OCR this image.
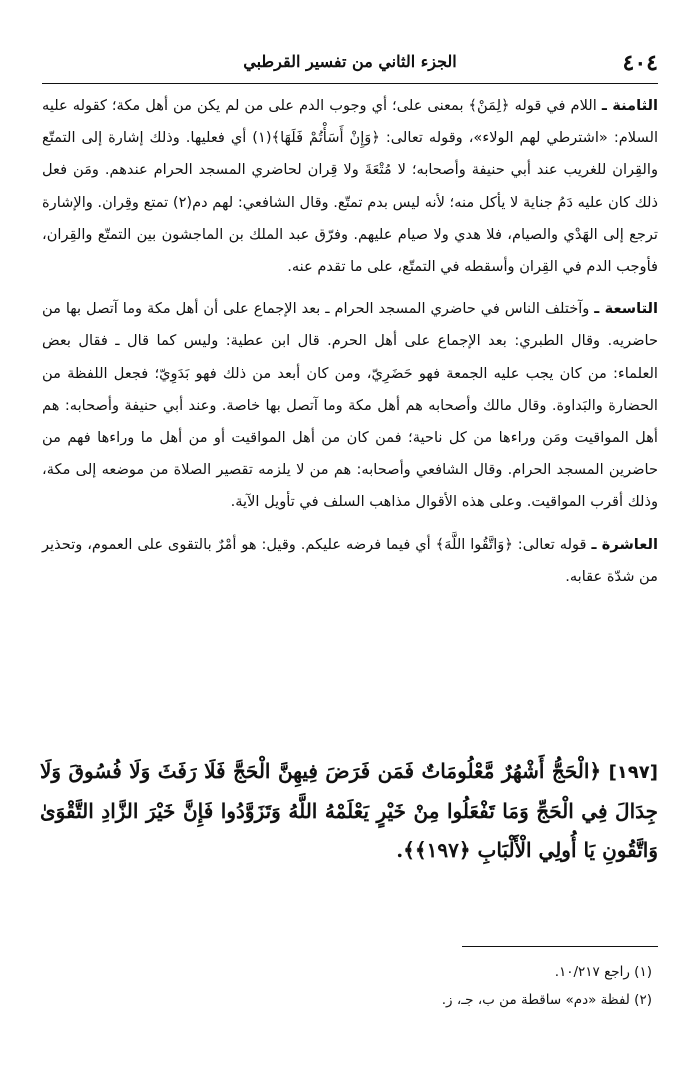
٤٠٤
الجزء الثاني من تفسير القرطبي

الثامنة ـ اللام في قوله ﴿لِمَنْ﴾ بمعنى على؛ أي وجوب الدم على من لم يكن من أهل مكة؛ كقوله عليه السلام: «اشترطي لهم الولاء»، وقوله تعالى: ﴿وَإِنْ أَسَأْتُمْ فَلَهَا﴾(١) أي فعليها. وذلك إشارة إلى التمتّع والقِران للغريب عند أبي حنيفة وأصحابه؛ لا مُتْعَةَ ولا قِران لحاضري المسجد الحرام عندهم. ومَن فعل ذلك كان عليه دَمُ جناية لا يأكل منه؛ لأنه ليس بدم تمتّع. وقال الشافعي: لهم دم(٢) تمتع وقِران. والإشارة ترجع إلى الهَدْي والصيام، فلا هدي ولا صيام عليهم. وفرّق عبد الملك بن الماجشون بين التمتّع والقِران، فأوجب الدم في القِران وأسقطه في التمتّع، على ما تقدم عنه.

التاسعة ـ وآختلف الناس في حاضري المسجد الحرام ـ بعد الإجماع على أن أهل مكة وما آتصل بها من حاضريه. وقال الطبري: بعد الإجماع على أهل الحرم. قال ابن عطية: وليس كما قال ـ فقال بعض العلماء: من كان يجب عليه الجمعة فهو حَضَرِيّ، ومن كان أبعد من ذلك فهو بَدَوِيّ؛ فجعل اللفظة من الحضارة والبَداوة. وقال مالك وأصحابه هم أهل مكة وما آتصل بها خاصة. وعند أبي حنيفة وأصحابه: هم أهل المواقيت ومَن وراءها من كل ناحية؛ فمن كان من أهل المواقيت أو من أهل ما وراءها فهم من حاضرين المسجد الحرام. وقال الشافعي وأصحابه: هم من لا يلزمه تقصير الصلاة من موضعه إلى مكة، وذلك أقرب المواقيت. وعلى هذه الأقوال مذاهب السلف في تأويل الآية.

العاشرة ـ قوله تعالى: ﴿وَاتَّقُوا اللَّهَ﴾ أي فيما فرضه عليكم. وقيل: هو أمْرٌ بالتقوى على العموم، وتحذير من شدّة عقابه.

[١٩٧] ﴿الْحَجُّ أَشْهُرٌ مَّعْلُومَاتٌ فَمَن فَرَضَ فِيهِنَّ الْحَجَّ فَلَا رَفَثَ وَلَا فُسُوقَ وَلَا جِدَالَ فِي الْحَجِّ وَمَا تَفْعَلُوا مِنْ خَيْرٍ يَعْلَمْهُ اللَّهُ وَتَزَوَّدُوا فَإِنَّ خَيْرَ الزَّادِ التَّقْوَىٰ وَاتَّقُونِ يَا أُولِي الْأَلْبَابِ ﴿١٩٧﴾﴾.
(١) راجع ١٠/٢١٧.
(٢) لفظة «دم» ساقطة من ب، جـ، ز.
